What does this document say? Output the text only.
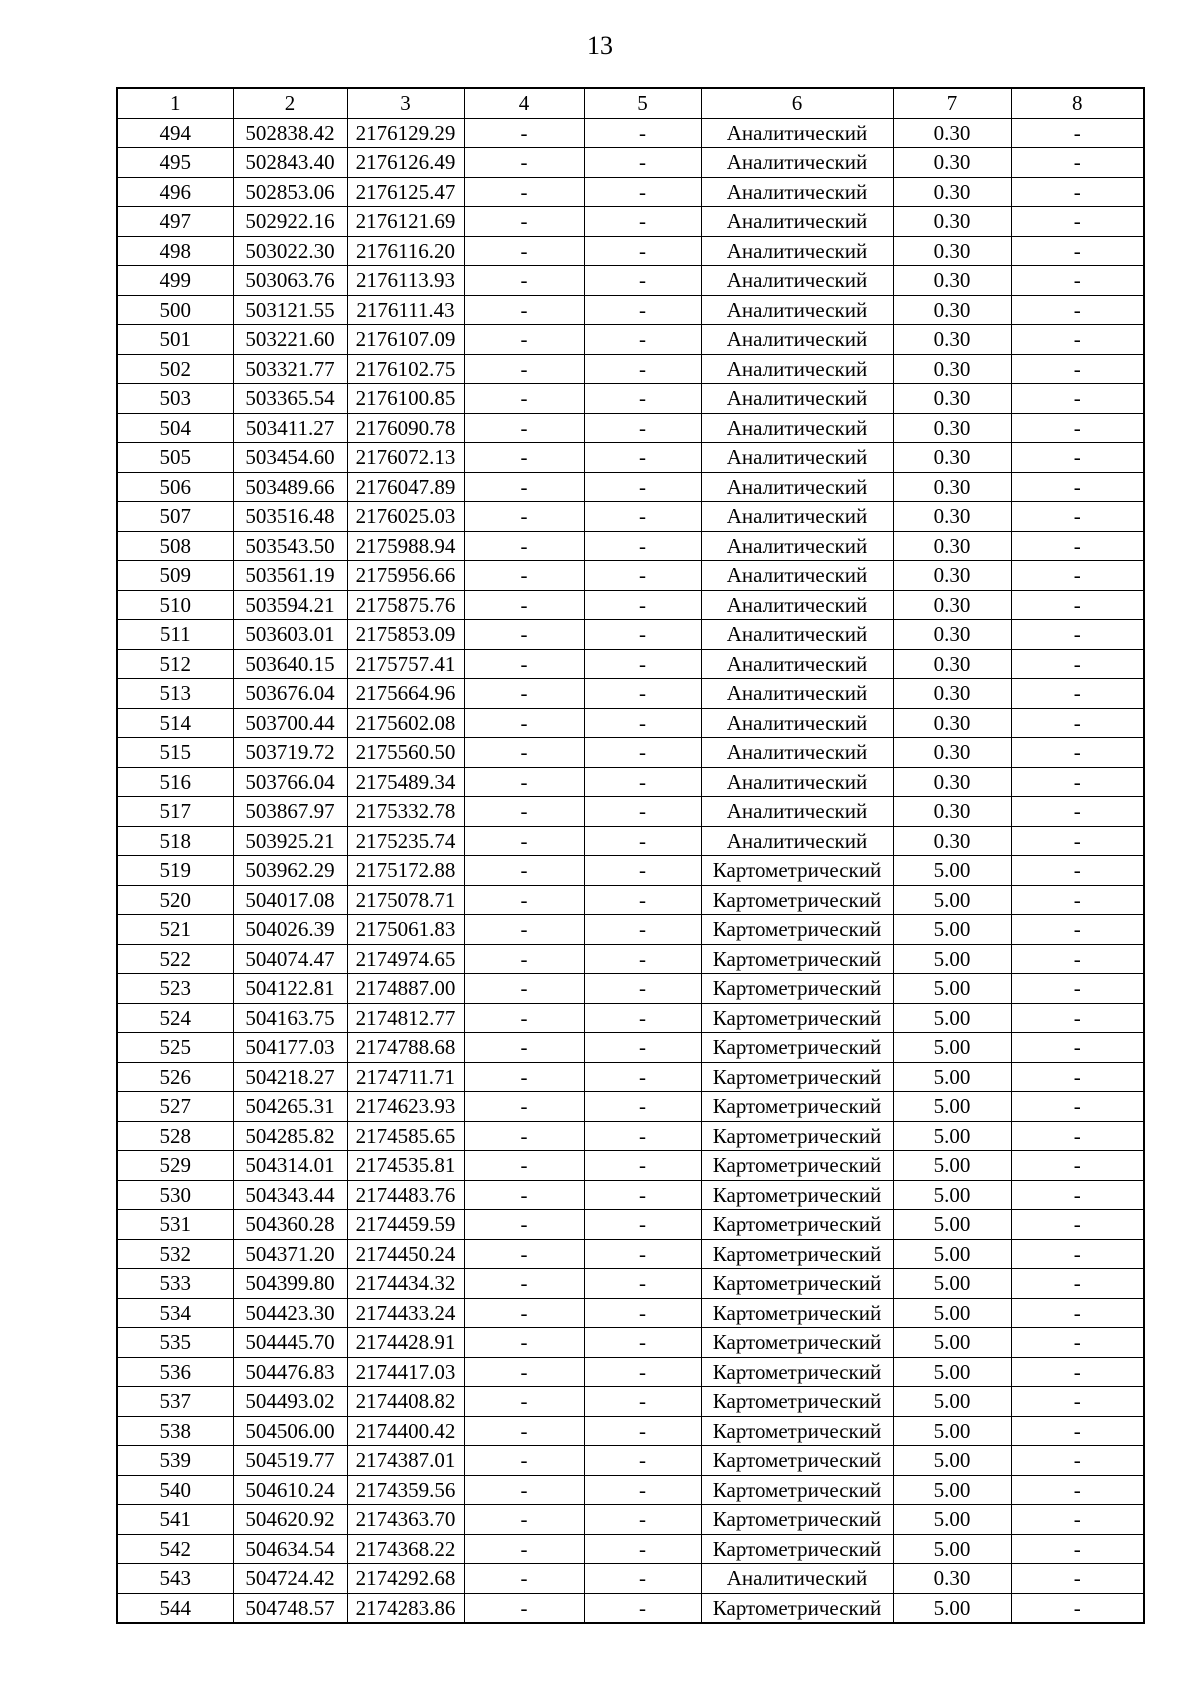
13
1	2	3	4	5	6	7	8
494	502838.42	2176129.29	-	-	Аналитический	0.30	-
495	502843.40	2176126.49	-	-	Аналитический	0.30	-
496	502853.06	2176125.47	-	-	Аналитический	0.30	-
497	502922.16	2176121.69	-	-	Аналитический	0.30	-
498	503022.30	2176116.20	-	-	Аналитический	0.30	-
499	503063.76	2176113.93	-	-	Аналитический	0.30	-
500	503121.55	2176111.43	-	-	Аналитический	0.30	-
501	503221.60	2176107.09	-	-	Аналитический	0.30	-
502	503321.77	2176102.75	-	-	Аналитический	0.30	-
503	503365.54	2176100.85	-	-	Аналитический	0.30	-
504	503411.27	2176090.78	-	-	Аналитический	0.30	-
505	503454.60	2176072.13	-	-	Аналитический	0.30	-
506	503489.66	2176047.89	-	-	Аналитический	0.30	-
507	503516.48	2176025.03	-	-	Аналитический	0.30	-
508	503543.50	2175988.94	-	-	Аналитический	0.30	-
509	503561.19	2175956.66	-	-	Аналитический	0.30	-
510	503594.21	2175875.76	-	-	Аналитический	0.30	-
511	503603.01	2175853.09	-	-	Аналитический	0.30	-
512	503640.15	2175757.41	-	-	Аналитический	0.30	-
513	503676.04	2175664.96	-	-	Аналитический	0.30	-
514	503700.44	2175602.08	-	-	Аналитический	0.30	-
515	503719.72	2175560.50	-	-	Аналитический	0.30	-
516	503766.04	2175489.34	-	-	Аналитический	0.30	-
517	503867.97	2175332.78	-	-	Аналитический	0.30	-
518	503925.21	2175235.74	-	-	Аналитический	0.30	-
519	503962.29	2175172.88	-	-	Картометрический	5.00	-
520	504017.08	2175078.71	-	-	Картометрический	5.00	-
521	504026.39	2175061.83	-	-	Картометрический	5.00	-
522	504074.47	2174974.65	-	-	Картометрический	5.00	-
523	504122.81	2174887.00	-	-	Картометрический	5.00	-
524	504163.75	2174812.77	-	-	Картометрический	5.00	-
525	504177.03	2174788.68	-	-	Картометрический	5.00	-
526	504218.27	2174711.71	-	-	Картометрический	5.00	-
527	504265.31	2174623.93	-	-	Картометрический	5.00	-
528	504285.82	2174585.65	-	-	Картометрический	5.00	-
529	504314.01	2174535.81	-	-	Картометрический	5.00	-
530	504343.44	2174483.76	-	-	Картометрический	5.00	-
531	504360.28	2174459.59	-	-	Картометрический	5.00	-
532	504371.20	2174450.24	-	-	Картометрический	5.00	-
533	504399.80	2174434.32	-	-	Картометрический	5.00	-
534	504423.30	2174433.24	-	-	Картометрический	5.00	-
535	504445.70	2174428.91	-	-	Картометрический	5.00	-
536	504476.83	2174417.03	-	-	Картометрический	5.00	-
537	504493.02	2174408.82	-	-	Картометрический	5.00	-
538	504506.00	2174400.42	-	-	Картометрический	5.00	-
539	504519.77	2174387.01	-	-	Картометрический	5.00	-
540	504610.24	2174359.56	-	-	Картометрический	5.00	-
541	504620.92	2174363.70	-	-	Картометрический	5.00	-
542	504634.54	2174368.22	-	-	Картометрический	5.00	-
543	504724.42	2174292.68	-	-	Аналитический	0.30	-
544	504748.57	2174283.86	-	-	Картометрический	5.00	-
